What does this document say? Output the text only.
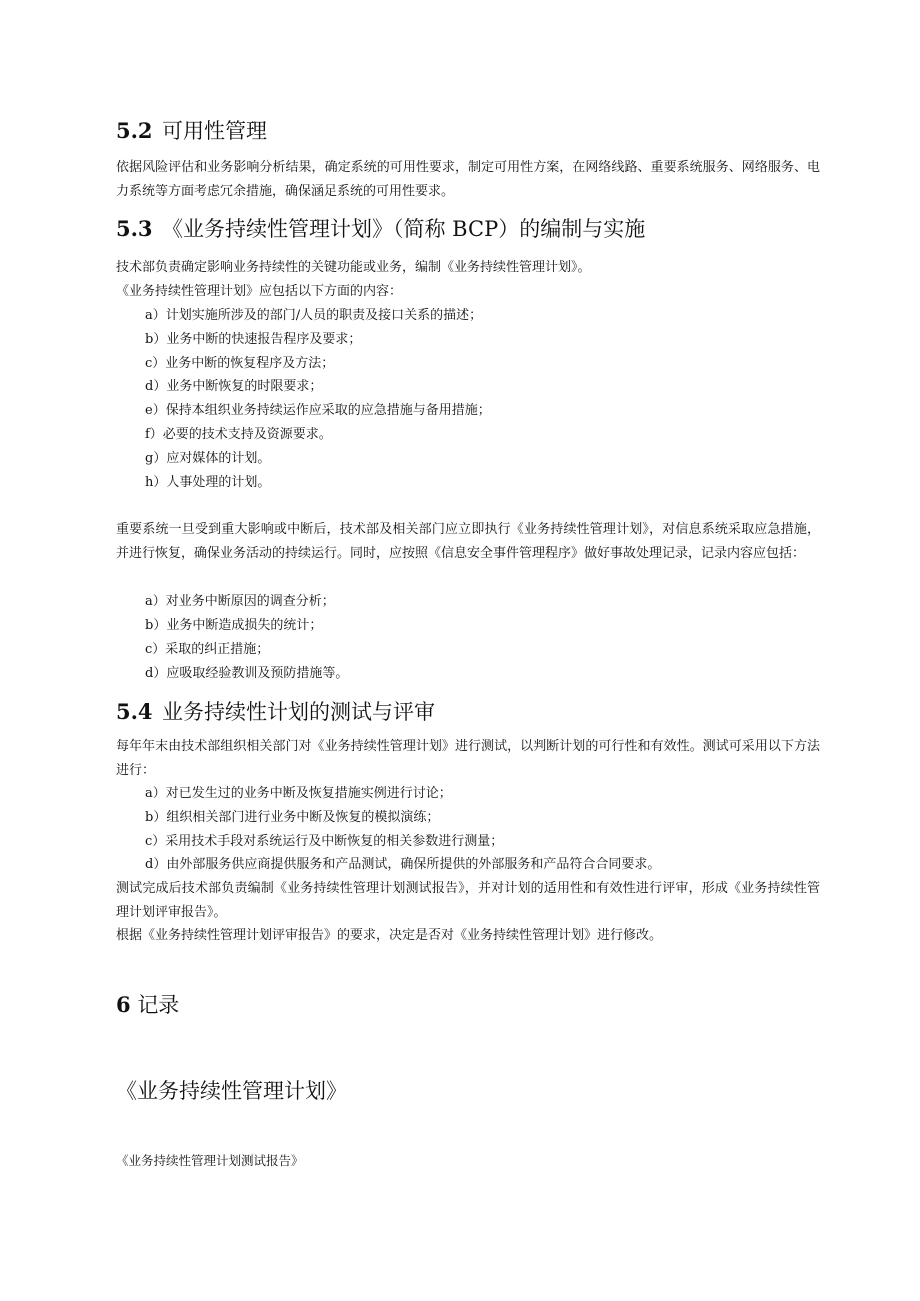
5.2 可用性管理

依据风险评估和业务影响分析结果，确定系统的可用性要求，制定可用性方案，在网络线路、重要系统服务、网络服务、电力系统等方面考虑冗余措施，确保涵足系统的可用性要求。

5.3 《业务持续性管理计划》（简称 BCP）的编制与实施

技术部负责确定影响业务持续性的关键功能或业务，编制《业务持续性管理计划》。

《业务持续性管理计划》应包括以下方面的内容：

a）计划实施所涉及的部门/人员的职责及接口关系的描述；

b）业务中断的快速报告程序及要求；

c）业务中断的恢复程序及方法；

d）业务中断恢复的时限要求；

e）保持本组织业务持续运作应采取的应急措施与备用措施；

f）必要的技术支持及资源要求。

g）应对媒体的计划。

h）人事处理的计划。

重要系统一旦受到重大影响或中断后，技术部及相关部门应立即执行《业务持续性管理计划》，对信息系统采取应急措施，并进行恢复，确保业务活动的持续运行。同时，应按照《信息安全事件管理程序》做好事故处理记录，记录内容应包括：

a）对业务中断原因的调查分析；

b）业务中断造成损失的统计；

c）采取的纠正措施；

d）应吸取经验教训及预防措施等。

5.4 业务持续性计划的测试与评审

每年年末由技术部组织相关部门对《业务持续性管理计划》进行测试，以判断计划的可行性和有效性。测试可采用以下方法进行：

a）对已发生过的业务中断及恢复措施实例进行讨论；

b）组织相关部门进行业务中断及恢复的模拟演练；

c）采用技术手段对系统运行及中断恢复的相关参数进行测量；

d）由外部服务供应商提供服务和产品测试，确保所提供的外部服务和产品符合合同要求。

测试完成后技术部负责编制《业务持续性管理计划测试报告》，并对计划的适用性和有效性进行评审，形成《业务持续性管理计划评审报告》。

根据《业务持续性管理计划评审报告》的要求，决定是否对《业务持续性管理计划》进行修改。

6 记录

《业务持续性管理计划》

《业务持续性管理计划测试报告》
